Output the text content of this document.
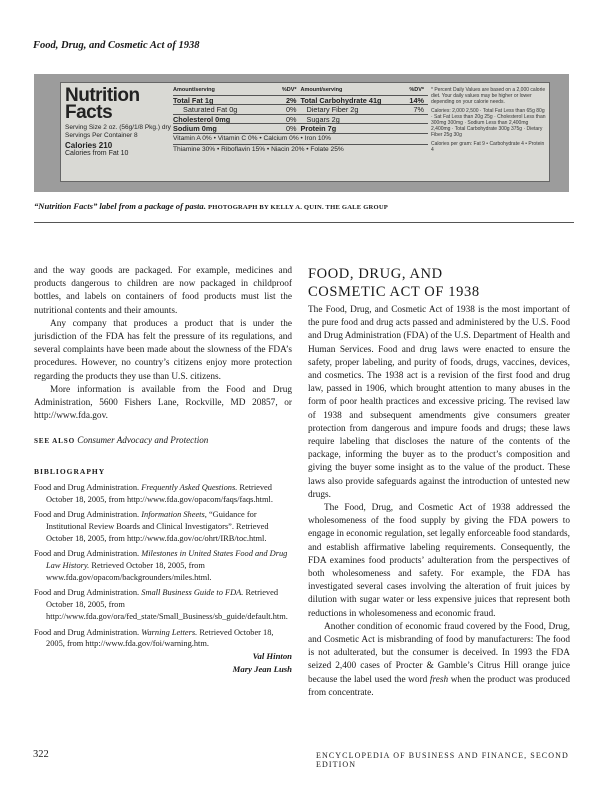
Food, Drug, and Cosmetic Act of 1938
Nutrition
Facts
Serving Size 2 oz. (56g/1/8 Pkg.) dry
Servings Per Container 8
Calories 210
Calories from Fat 10
Amount/serving	%DV* Amount/serving	%DV*
Total Fat 1g	2% Total Carbohydrate 41g	14%
Saturated Fat 0g	0%	Dietary Fiber 2g	7%
Cholesterol 0mg	0%	Sugars 2g
Sodium 0mg	0% Protein 7g
Vitamin A 0% • Vitamin C 0% • Calcium 0% • Iron 10%
Thiamine 30% • Riboflavin 15% • Niacin 20% • Folate 25%
* Percent Daily Values are based on a 2,000 calorie diet. Your daily values may be higher or lower depending on your calorie needs.
Calories: 2,000 2,500 · Total Fat Less than 65g 80g · Sat Fat Less than 20g 25g · Cholesterol Less than 300mg 300mg · Sodium Less than 2,400mg 2,400mg · Total Carbohydrate 300g 375g · Dietary Fiber 25g 30g
Calories per gram: Fat 9 • Carbohydrate 4 • Protein 4
“Nutrition Facts” label from a package of pasta. PHOTOGRAPH BY KELLY A. QUIN. THE GALE GROUP

and the way goods are packaged. For example, medicines and products dangerous to children are now packaged in childproof bottles, and labels on containers of food products must list the nutritional contents and their amounts.

Any company that produces a product that is under the jurisdiction of the FDA has felt the pressure of its regulations, and several complaints have been made about the slowness of the FDA’s procedures. However, no country’s citizens enjoy more protection regarding the products they use than U.S. citizens.

More information is available from the Food and Drug Administration, 5600 Fishers Lane, Rockville, MD 20857, or http://www.fda.gov.

SEE ALSO Consumer Advocacy and Protection
BIBLIOGRAPHY
Food and Drug Administration. Frequently Asked Questions. Retrieved October 18, 2005, from http://www.fda.gov/opacom/faqs/faqs.html.
Food and Drug Administration. Information Sheets, “Guidance for Institutional Review Boards and Clinical Investigators”. Retrieved October 18, 2005, from http://www.fda.gov/oc/ohrt/IRB/toc.html.
Food and Drug Administration. Milestones in United States Food and Drug Law History. Retrieved October 18, 2005, from www.fda.gov/opacom/backgrounders/miles.html.
Food and Drug Administration. Small Business Guide to FDA. Retrieved October 18, 2005, from http://www.fda.gov/ora/fed_state/Small_Business/sb_guide/default.htm.
Food and Drug Administration. Warning Letters. Retrieved October 18, 2005, from http://www.fda.gov/foi/warning.htm.
Val Hinton
Mary Jean Lush
FOOD, DRUG, AND
COSMETIC ACT OF 1938

The Food, Drug, and Cosmetic Act of 1938 is the most important of the pure food and drug acts passed and administered by the U.S. Food and Drug Administration (FDA) of the U.S. Department of Health and Human Services. Food and drug laws were enacted to ensure the safety, proper labeling, and purity of foods, drugs, vaccines, devices, and cosmetics. The 1938 act is a revision of the first food and drug law, passed in 1906, which brought attention to many abuses in the form of poor health practices and excessive pricing. The revised law of 1938 and subsequent amendments give consumers greater protection from dangerous and impure foods and drugs; these laws require labeling that discloses the nature of the contents of the package, informing the buyer as to the product’s composition and giving the buyer some insight as to the value of the product. These laws also provide safeguards against the introduction of untested new drugs.

The Food, Drug, and Cosmetic Act of 1938 addressed the wholesomeness of the food supply by giving the FDA powers to engage in economic regulation, set legally enforceable food standards, and establish affirmative labeling requirements. Consequently, the FDA examines food products’ adulteration from the perspectives of both wholesomeness and safety. For example, the FDA has investigated several cases involving the alteration of fruit juices by dilution with sugar water or less expensive juices that represent both reductions in wholesomeness and economic fraud.

Another condition of economic fraud covered by the Food, Drug, and Cosmetic Act is misbranding of food by manufacturers: The food is not adulterated, but the consumer is deceived. In 1993 the FDA seized 2,400 cases of Procter & Gamble’s Citrus Hill orange juice because the label used the word fresh when the product was produced from concentrate.

322	ENCYCLOPEDIA OF BUSINESS AND FINANCE, SECOND EDITION
